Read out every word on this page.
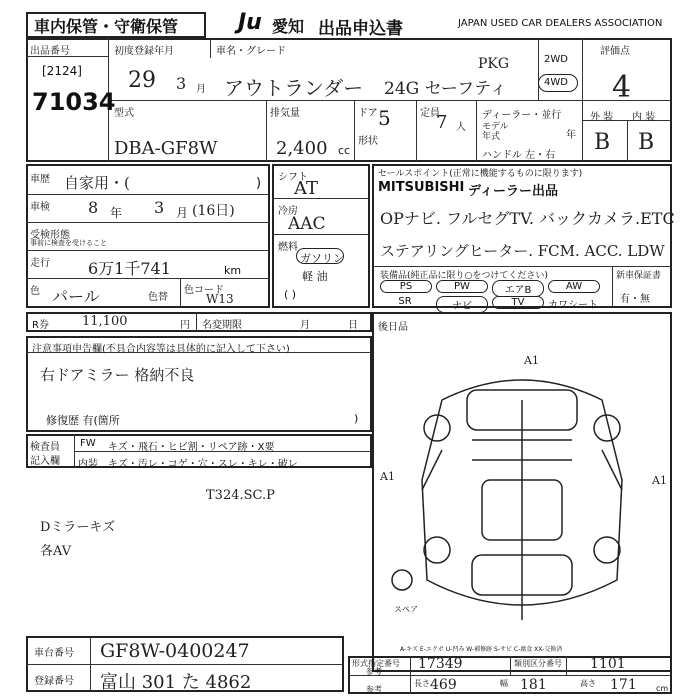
車内保管・守衛保管	Ju 愛知 出品申込書	JAPAN USED CAR DEALERS ASSOCIATION
出品番号
[2124]
71034
初度登録年月
29 3 月
車名・グレード
アウトランダー 24G セーフティ
PKG	2WD
4WD
評価点
4
型式
DBA-GF8W
排気量
2,400 cc
ドア 5
形状
定員
7 人
ディーラー・並行
モデル
年式	年
ハンドル 左・右
外 装 内 装
B B
車歴 自家用・(	)
車検 8 年 3 月 (16日)
受検形態
事前に検査を受けること
走行 6万1千741	km
色 パール	色替
色コード
W13
シフト
AT
冷房
AAC
燃料
ガソリン
軽 油
( )
セールスポイント(正常に機能するものに限ります)
MITSUBISHI ディーラー出品
OPナビ. フルセグTV. バックカメラ.ETC
ステアリングヒーター. FCM. ACC. LDW
装備品(純正品に限り○をつけてください)	新車保証書
有・無
PS	PW	エアB	AW
SR	ナビ	TV	カワシート
R券	11,100	円 名変期限	月	日 後日品
注意事項申告欄(不具合内容等は具体的に記入して下さい)
右ドアミラー 格納不良
修復歴 有(箇所	)
検査員
記入欄
FW キズ・飛石・ヒビ割・リペア跡・X要
内装 キズ・汚レ・コゲ・穴・スレ・キレ・破レ
T324.SC.P
Dミラーキズ
各AV
A1
A1	A1
スペア
A-キズ E-エクボ U-凹み W-補修跡 S-サビ C-腐食 XX-交換済
車台番号 GF8W-0400247
登録番号 富山 301 た 4862
形式指定番号
参考	17349	類別区分番号 1101
参考
長さ 469	幅 181	高さ 171 cm
